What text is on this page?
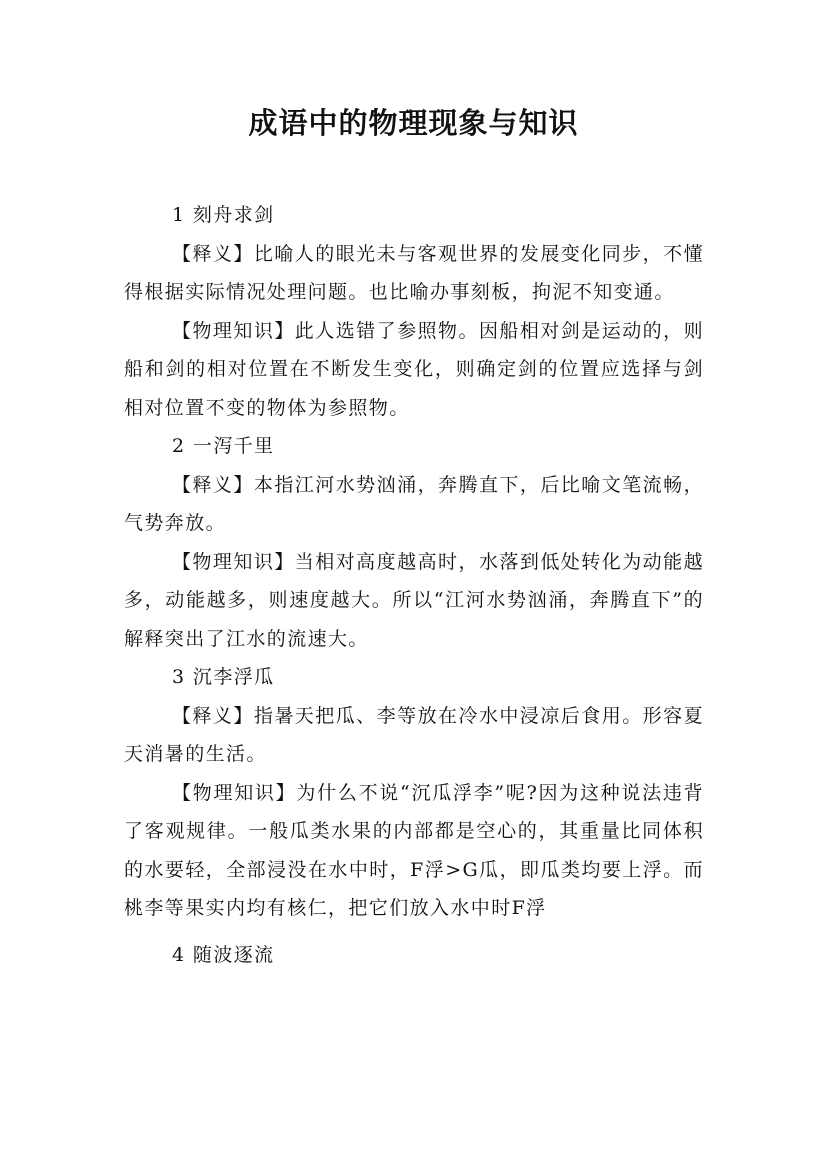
成语中的物理现象与知识

1 刻舟求剑

【释义】比喻人的眼光未与客观世界的发展变化同步，不懂得根据实际情况处理问题。也比喻办事刻板，拘泥不知变通。

【物理知识】此人选错了参照物。因船相对剑是运动的，则船和剑的相对位置在不断发生变化，则确定剑的位置应选择与剑相对位置不变的物体为参照物。

2 一泻千里

【释义】本指江河水势汹涌，奔腾直下，后比喻文笔流畅，气势奔放。

【物理知识】当相对高度越高时，水落到低处转化为动能越多，动能越多，则速度越大。所以“江河水势汹涌，奔腾直下”的解释突出了江水的流速大。

3 沉李浮瓜

【释义】指暑天把瓜、李等放在冷水中浸凉后食用。形容夏天消暑的生活。

【物理知识】为什么不说“沉瓜浮李”呢?因为这种说法违背了客观规律。一般瓜类水果的内部都是空心的，其重量比同体积的水要轻，全部浸没在水中时，F浮>G瓜，即瓜类均要上浮。而桃李等果实内均有核仁，把它们放入水中时F浮

4 随波逐流
